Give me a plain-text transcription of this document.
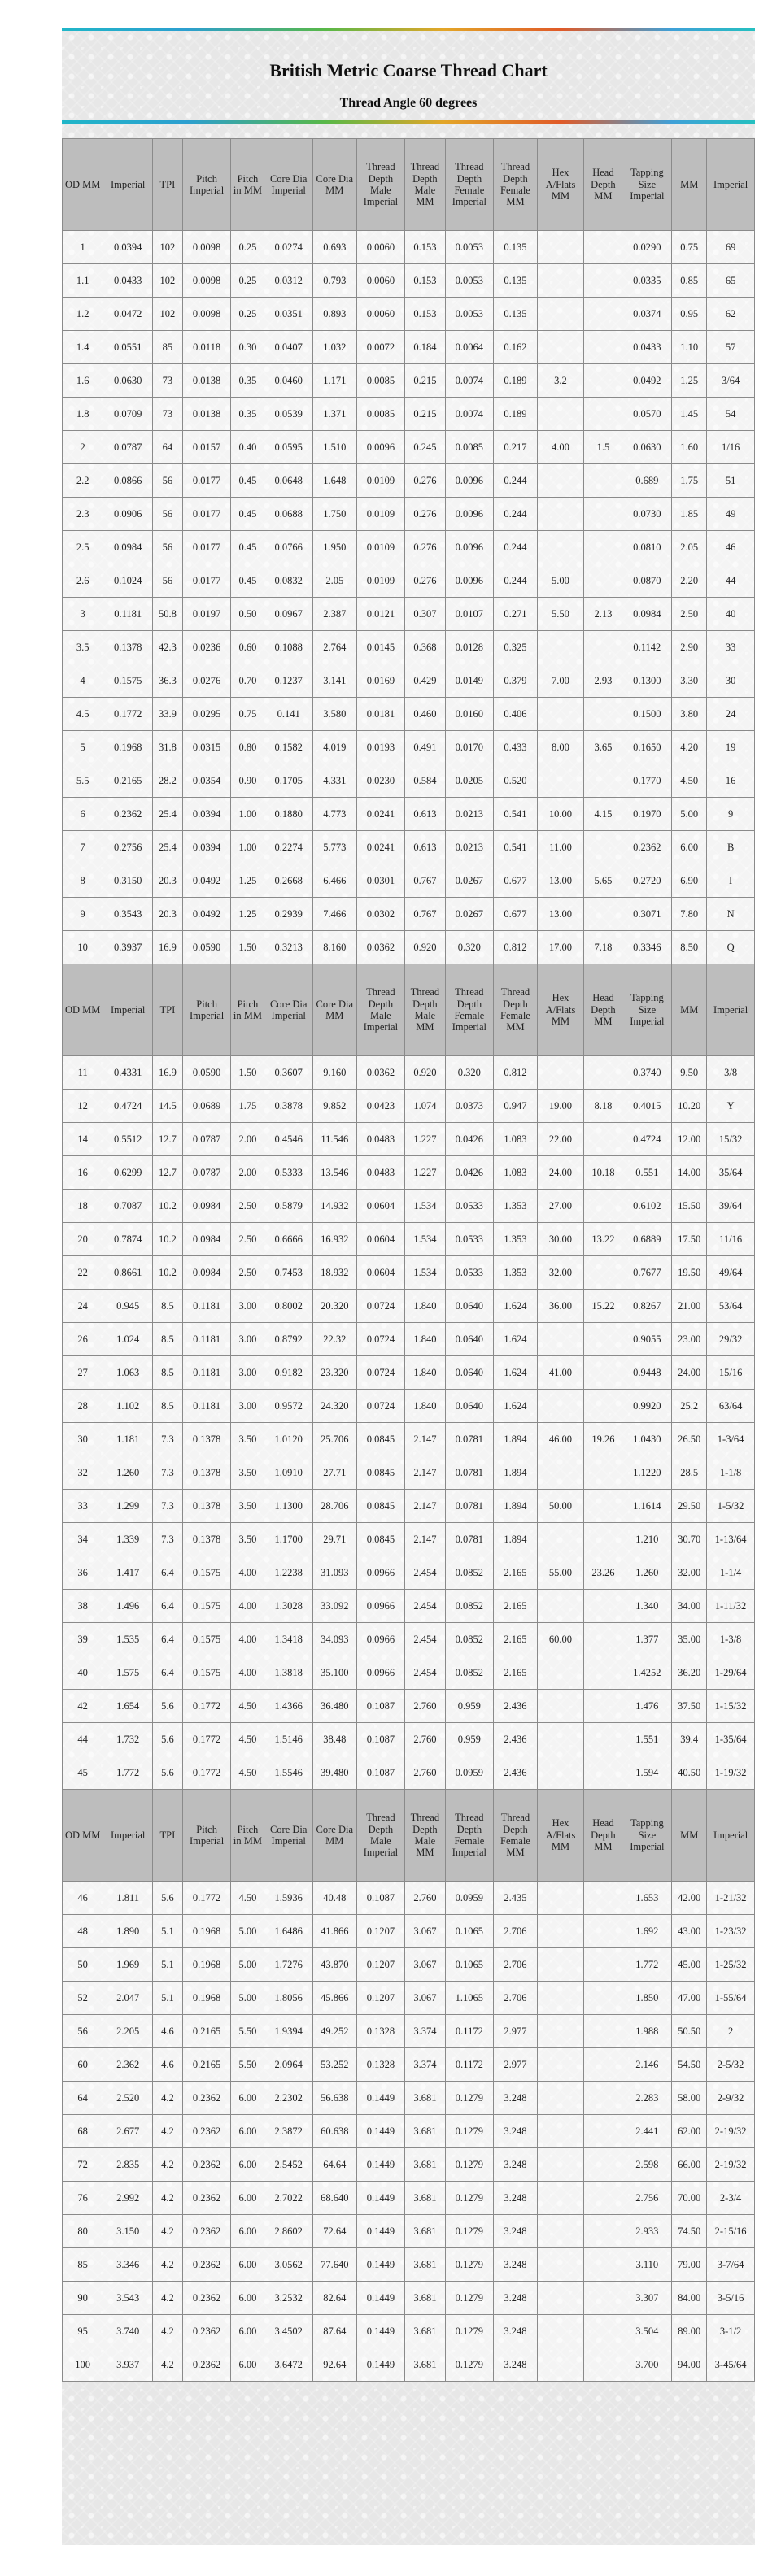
British Metric Coarse Thread Chart
Thread Angle 60 degrees
OD MM	Imperial	TPI	Pitch Imperial	Pitch in MM	Core Dia Imperial	Core Dia MM	Thread Depth Male Imperial	Thread Depth Male MM	Thread Depth Female Imperial	Thread Depth Female MM	Hex A/Flats MM	Head Depth MM	Tapping Size Imperial	MM	Imperial
1	0.0394	102	0.0098	0.25	0.0274	0.693	0.0060	0.153	0.0053	0.135			0.0290	0.75	69
1.1	0.0433	102	0.0098	0.25	0.0312	0.793	0.0060	0.153	0.0053	0.135			0.0335	0.85	65
1.2	0.0472	102	0.0098	0.25	0.0351	0.893	0.0060	0.153	0.0053	0.135			0.0374	0.95	62
1.4	0.0551	85	0.0118	0.30	0.0407	1.032	0.0072	0.184	0.0064	0.162			0.0433	1.10	57
1.6	0.0630	73	0.0138	0.35	0.0460	1.171	0.0085	0.215	0.0074	0.189	3.2		0.0492	1.25	3/64
1.8	0.0709	73	0.0138	0.35	0.0539	1.371	0.0085	0.215	0.0074	0.189			0.0570	1.45	54
2	0.0787	64	0.0157	0.40	0.0595	1.510	0.0096	0.245	0.0085	0.217	4.00	1.5	0.0630	1.60	1/16
2.2	0.0866	56	0.0177	0.45	0.0648	1.648	0.0109	0.276	0.0096	0.244			0.689	1.75	51
2.3	0.0906	56	0.0177	0.45	0.0688	1.750	0.0109	0.276	0.0096	0.244			0.0730	1.85	49
2.5	0.0984	56	0.0177	0.45	0.0766	1.950	0.0109	0.276	0.0096	0.244			0.0810	2.05	46
2.6	0.1024	56	0.0177	0.45	0.0832	2.05	0.0109	0.276	0.0096	0.244	5.00		0.0870	2.20	44
3	0.1181	50.8	0.0197	0.50	0.0967	2.387	0.0121	0.307	0.0107	0.271	5.50	2.13	0.0984	2.50	40
3.5	0.1378	42.3	0.0236	0.60	0.1088	2.764	0.0145	0.368	0.0128	0.325			0.1142	2.90	33
4	0.1575	36.3	0.0276	0.70	0.1237	3.141	0.0169	0.429	0.0149	0.379	7.00	2.93	0.1300	3.30	30
4.5	0.1772	33.9	0.0295	0.75	0.141	3.580	0.0181	0.460	0.0160	0.406			0.1500	3.80	24
5	0.1968	31.8	0.0315	0.80	0.1582	4.019	0.0193	0.491	0.0170	0.433	8.00	3.65	0.1650	4.20	19
5.5	0.2165	28.2	0.0354	0.90	0.1705	4.331	0.0230	0.584	0.0205	0.520			0.1770	4.50	16
6	0.2362	25.4	0.0394	1.00	0.1880	4.773	0.0241	0.613	0.0213	0.541	10.00	4.15	0.1970	5.00	9
7	0.2756	25.4	0.0394	1.00	0.2274	5.773	0.0241	0.613	0.0213	0.541	11.00		0.2362	6.00	B
8	0.3150	20.3	0.0492	1.25	0.2668	6.466	0.0301	0.767	0.0267	0.677	13.00	5.65	0.2720	6.90	I
9	0.3543	20.3	0.0492	1.25	0.2939	7.466	0.0302	0.767	0.0267	0.677	13.00		0.3071	7.80	N
10	0.3937	16.9	0.0590	1.50	0.3213	8.160	0.0362	0.920	0.320	0.812	17.00	7.18	0.3346	8.50	Q
OD MM	Imperial	TPI	Pitch Imperial	Pitch in MM	Core Dia Imperial	Core Dia MM	Thread Depth Male Imperial	Thread Depth Male MM	Thread Depth Female Imperial	Thread Depth Female MM	Hex A/Flats MM	Head Depth MM	Tapping Size Imperial	MM	Imperial
11	0.4331	16.9	0.0590	1.50	0.3607	9.160	0.0362	0.920	0.320	0.812			0.3740	9.50	3/8
12	0.4724	14.5	0.0689	1.75	0.3878	9.852	0.0423	1.074	0.0373	0.947	19.00	8.18	0.4015	10.20	Y
14	0.5512	12.7	0.0787	2.00	0.4546	11.546	0.0483	1.227	0.0426	1.083	22.00		0.4724	12.00	15/32
16	0.6299	12.7	0.0787	2.00	0.5333	13.546	0.0483	1.227	0.0426	1.083	24.00	10.18	0.551	14.00	35/64
18	0.7087	10.2	0.0984	2.50	0.5879	14.932	0.0604	1.534	0.0533	1.353	27.00		0.6102	15.50	39/64
20	0.7874	10.2	0.0984	2.50	0.6666	16.932	0.0604	1.534	0.0533	1.353	30.00	13.22	0.6889	17.50	11/16
22	0.8661	10.2	0.0984	2.50	0.7453	18.932	0.0604	1.534	0.0533	1.353	32.00		0.7677	19.50	49/64
24	0.945	8.5	0.1181	3.00	0.8002	20.320	0.0724	1.840	0.0640	1.624	36.00	15.22	0.8267	21.00	53/64
26	1.024	8.5	0.1181	3.00	0.8792	22.32	0.0724	1.840	0.0640	1.624			0.9055	23.00	29/32
27	1.063	8.5	0.1181	3.00	0.9182	23.320	0.0724	1.840	0.0640	1.624	41.00		0.9448	24.00	15/16
28	1.102	8.5	0.1181	3.00	0.9572	24.320	0.0724	1.840	0.0640	1.624			0.9920	25.2	63/64
30	1.181	7.3	0.1378	3.50	1.0120	25.706	0.0845	2.147	0.0781	1.894	46.00	19.26	1.0430	26.50	1-3/64
32	1.260	7.3	0.1378	3.50	1.0910	27.71	0.0845	2.147	0.0781	1.894			1.1220	28.5	1-1/8
33	1.299	7.3	0.1378	3.50	1.1300	28.706	0.0845	2.147	0.0781	1.894	50.00		1.1614	29.50	1-5/32
34	1.339	7.3	0.1378	3.50	1.1700	29.71	0.0845	2.147	0.0781	1.894			1.210	30.70	1-13/64
36	1.417	6.4	0.1575	4.00	1.2238	31.093	0.0966	2.454	0.0852	2.165	55.00	23.26	1.260	32.00	1-1/4
38	1.496	6.4	0.1575	4.00	1.3028	33.092	0.0966	2.454	0.0852	2.165			1.340	34.00	1-11/32
39	1.535	6.4	0.1575	4.00	1.3418	34.093	0.0966	2.454	0.0852	2.165	60.00		1.377	35.00	1-3/8
40	1.575	6.4	0.1575	4.00	1.3818	35.100	0.0966	2.454	0.0852	2.165			1.4252	36.20	1-29/64
42	1.654	5.6	0.1772	4.50	1.4366	36.480	0.1087	2.760	0.959	2.436			1.476	37.50	1-15/32
44	1.732	5.6	0.1772	4.50	1.5146	38.48	0.1087	2.760	0.959	2.436			1.551	39.4	1-35/64
45	1.772	5.6	0.1772	4.50	1.5546	39.480	0.1087	2.760	0.0959	2.436			1.594	40.50	1-19/32
OD MM	Imperial	TPI	Pitch Imperial	Pitch in MM	Core Dia Imperial	Core Dia MM	Thread Depth Male Imperial	Thread Depth Male MM	Thread Depth Female Imperial	Thread Depth Female MM	Hex A/Flats MM	Head Depth MM	Tapping Size Imperial	MM	Imperial
46	1.811	5.6	0.1772	4.50	1.5936	40.48	0.1087	2.760	0.0959	2.435			1.653	42.00	1-21/32
48	1.890	5.1	0.1968	5.00	1.6486	41.866	0.1207	3.067	0.1065	2.706			1.692	43.00	1-23/32
50	1.969	5.1	0.1968	5.00	1.7276	43.870	0.1207	3.067	0.1065	2.706			1.772	45.00	1-25/32
52	2.047	5.1	0.1968	5.00	1.8056	45.866	0.1207	3.067	1.1065	2.706			1.850	47.00	1-55/64
56	2.205	4.6	0.2165	5.50	1.9394	49.252	0.1328	3.374	0.1172	2.977			1.988	50.50	2
60	2.362	4.6	0.2165	5.50	2.0964	53.252	0.1328	3.374	0.1172	2.977			2.146	54.50	2-5/32
64	2.520	4.2	0.2362	6.00	2.2302	56.638	0.1449	3.681	0.1279	3.248			2.283	58.00	2-9/32
68	2.677	4.2	0.2362	6.00	2.3872	60.638	0.1449	3.681	0.1279	3.248			2.441	62.00	2-19/32
72	2.835	4.2	0.2362	6.00	2.5452	64.64	0.1449	3.681	0.1279	3.248			2.598	66.00	2-19/32
76	2.992	4.2	0.2362	6.00	2.7022	68.640	0.1449	3.681	0.1279	3.248			2.756	70.00	2-3/4
80	3.150	4.2	0.2362	6.00	2.8602	72.64	0.1449	3.681	0.1279	3.248			2.933	74.50	2-15/16
85	3.346	4.2	0.2362	6.00	3.0562	77.640	0.1449	3.681	0.1279	3.248			3.110	79.00	3-7/64
90	3.543	4.2	0.2362	6.00	3.2532	82.64	0.1449	3.681	0.1279	3.248			3.307	84.00	3-5/16
95	3.740	4.2	0.2362	6.00	3.4502	87.64	0.1449	3.681	0.1279	3.248			3.504	89.00	3-1/2
100	3.937	4.2	0.2362	6.00	3.6472	92.64	0.1449	3.681	0.1279	3.248			3.700	94.00	3-45/64
